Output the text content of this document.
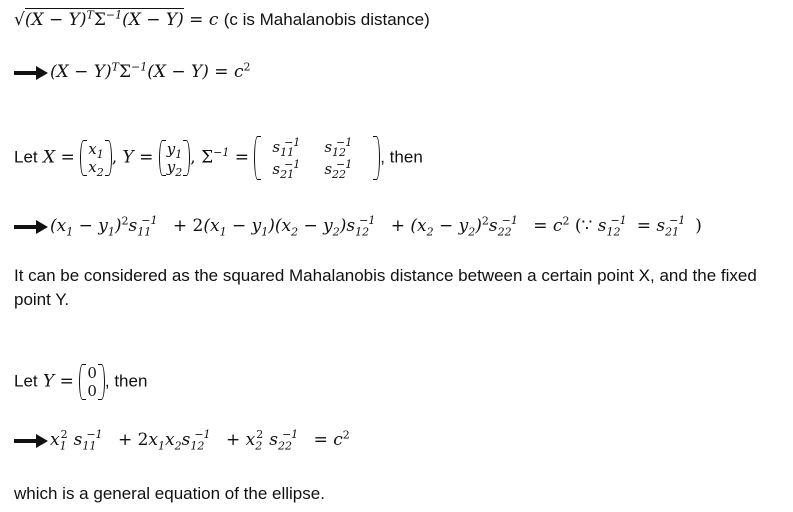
$√(X - Y)^T\Sigma^{-1}(X - Y) = c$ (c is Mahalanobis distance)
$(X - Y)^T\Sigma^{-1}(X - Y) = c^2$
Let $X = x_1$
$x_2$
, $Y = y_1$
$y_2$
, $\Sigma^{-1}$ =
$s_{11}^{-1}$	$s_{12}^{-1}$
$s_{21}^{-1}$	$s_{22}^{-1}$	, then
$(x_1 - y_1)^2s_{11}^{-1} + 2(x_1 - y_1)(x_2 - y_2)s_{12}^{-1} + (x_2 - y_2)^2s_{22}^{-1} = c^2$ (∵ $s_{12}^{-1} = s_{21}^{-1}$ )
It can be considered as the squared Mahalanobis distance between a certain point X, and the fixed point Y.
Let Y = 0
0
, then
$x_1^2$ $s_{11}^{-1} + 2x_1x_2s_{12}^{-1} + x_2^2$ $s_{22}^{-1} = c^2$
which is a general equation of the ellipse.
